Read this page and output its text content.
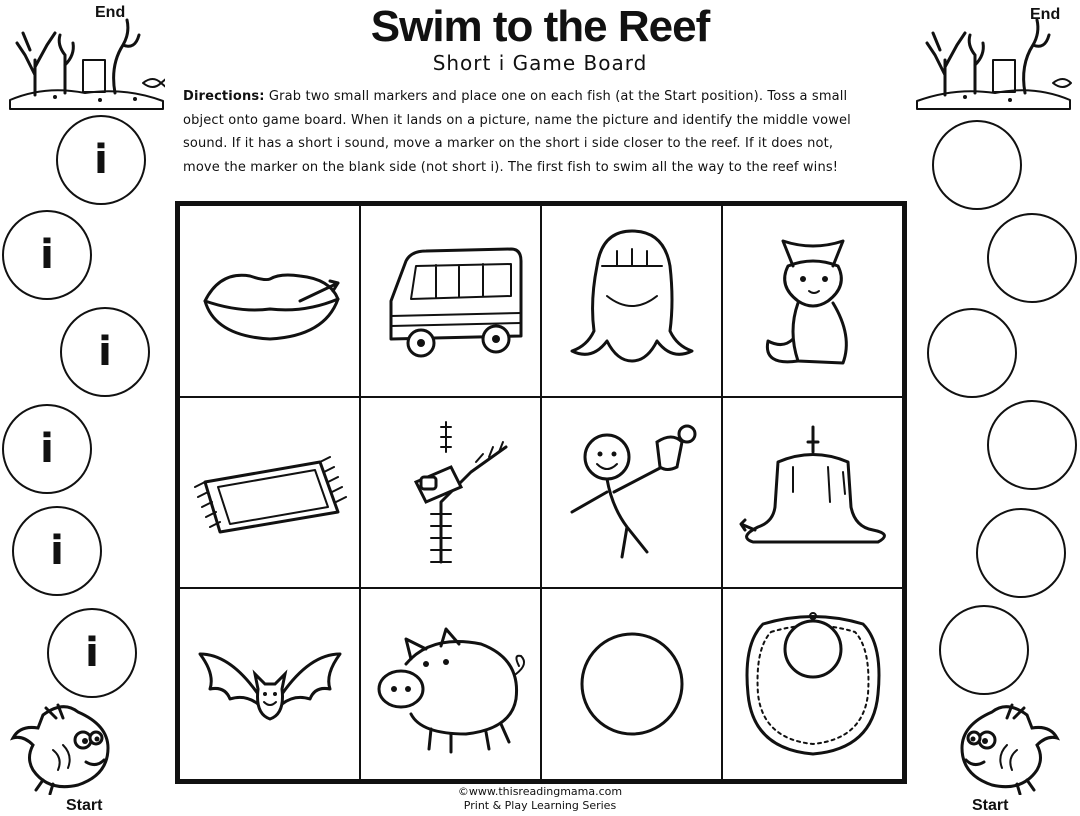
End	End
Start	Start
Swim to the Reef
Short i Game Board
Directions: Grab two small markers and place one on each fish (at the Start position). Toss a small object onto game board. When it lands on a picture, name the picture and identify the middle vowel sound. If it has a short i sound, move a marker on the short i side closer to the reef. If it does not, move the marker on the blank side (not short i). The first fish to swim all the way to the reef wins!
i
i
i
i
i
i
©www.thisreadingmama.com
Print & Play Learning Series
